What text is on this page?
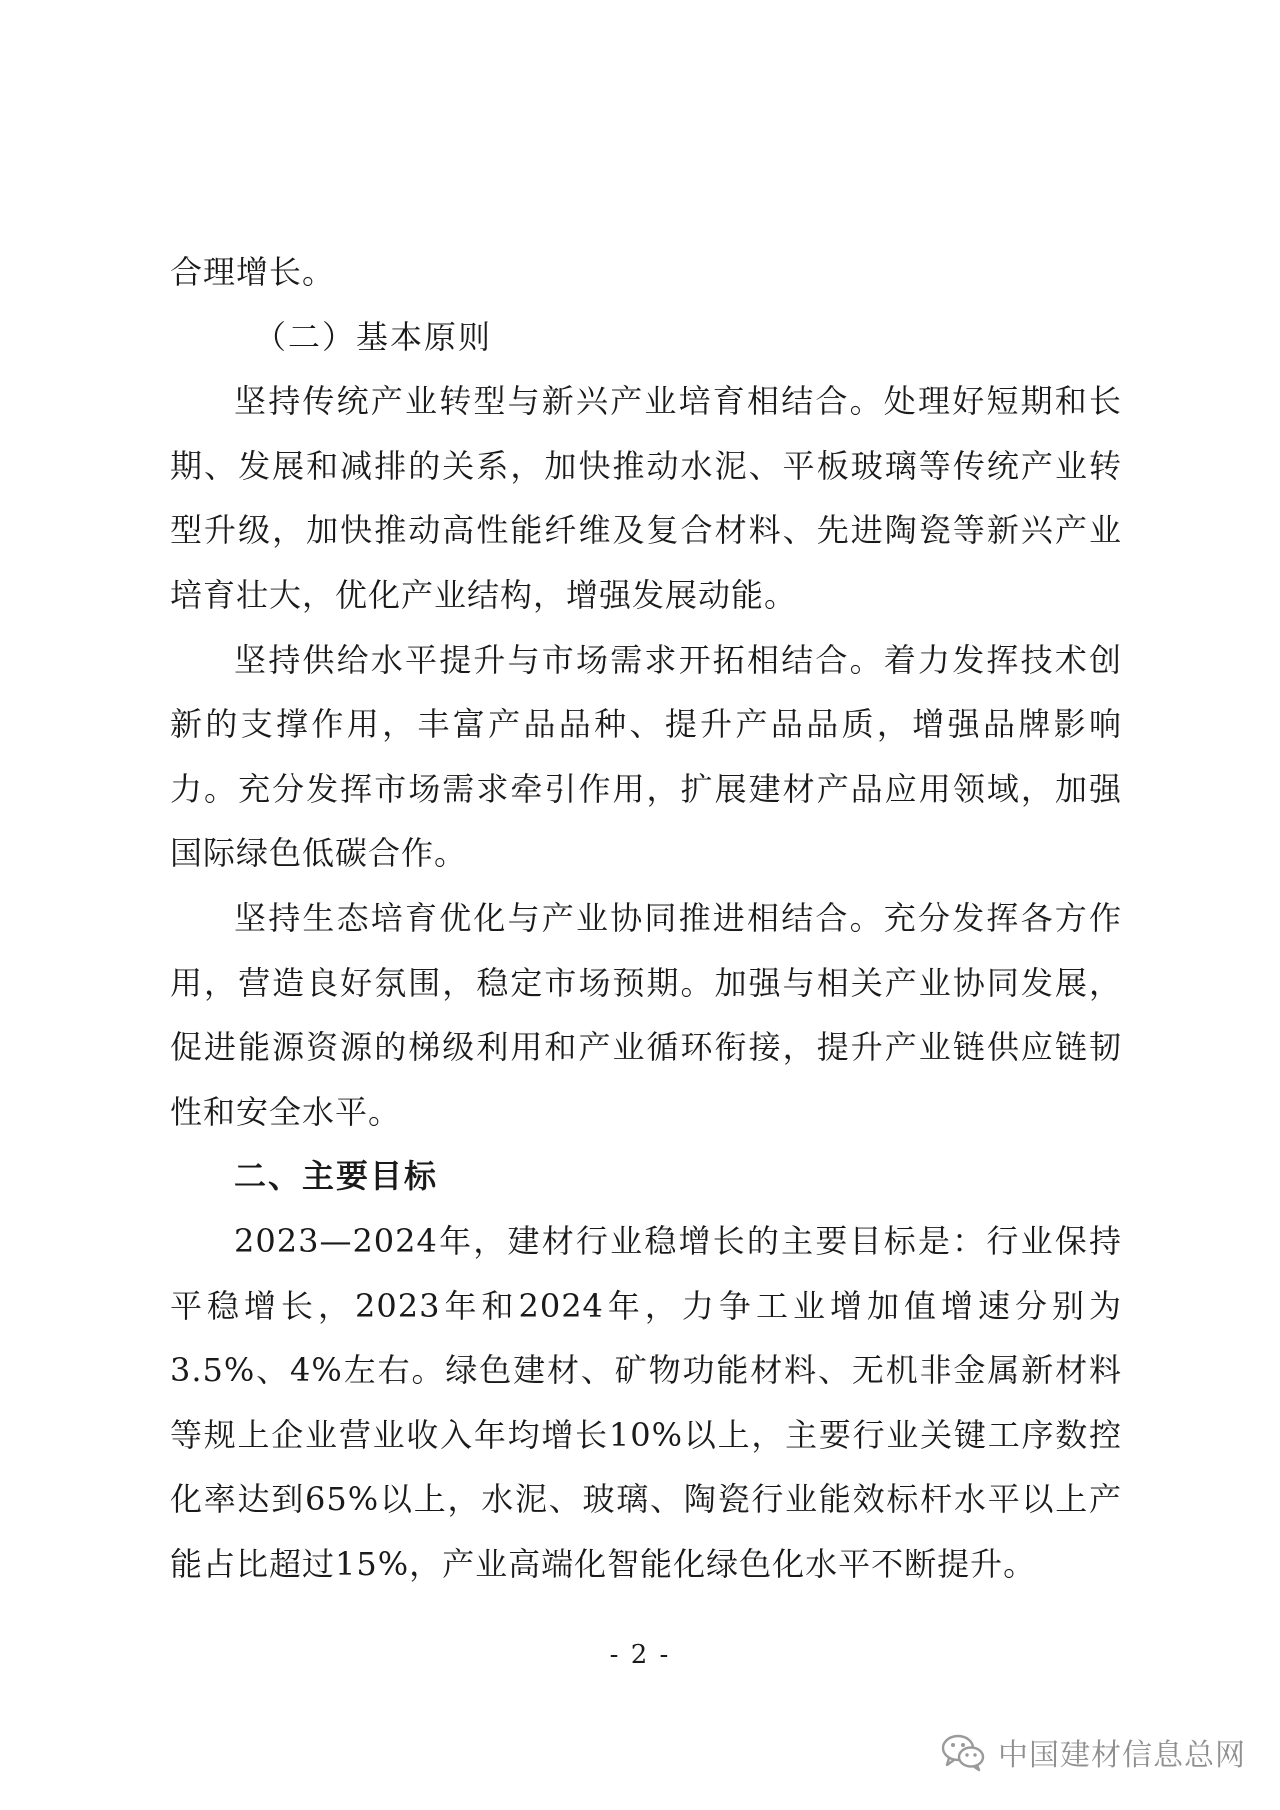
合理增长。

（二）基本原则

坚持传统产业转型与新兴产业培育相结合。处理好短期和长期、发展和减排的关系，加快推动水泥、平板玻璃等传统产业转型升级，加快推动高性能纤维及复合材料、先进陶瓷等新兴产业培育壮大，优化产业结构，增强发展动能。

坚持供给水平提升与市场需求开拓相结合。着力发挥技术创新的支撑作用，丰富产品品种、提升产品品质，增强品牌影响力。充分发挥市场需求牵引作用，扩展建材产品应用领域，加强国际绿色低碳合作。

坚持生态培育优化与产业协同推进相结合。充分发挥各方作用，营造良好氛围，稳定市场预期。加强与相关产业协同发展，促进能源资源的梯级利用和产业循环衔接，提升产业链供应链韧性和安全水平。

二、主要目标

2023—2024年，建材行业稳增长的主要目标是：行业保持平稳增长，2023年和2024年，力争工业增加值增速分别为3.5%、4%左右。绿色建材、矿物功能材料、无机非金属新材料等规上企业营业收入年均增长10%以上，主要行业关键工序数控化率达到65%以上，水泥、玻璃、陶瓷行业能效标杆水平以上产能占比超过15%，产业高端化智能化绿色化水平不断提升。

- 2 -
中国建材信息总网
